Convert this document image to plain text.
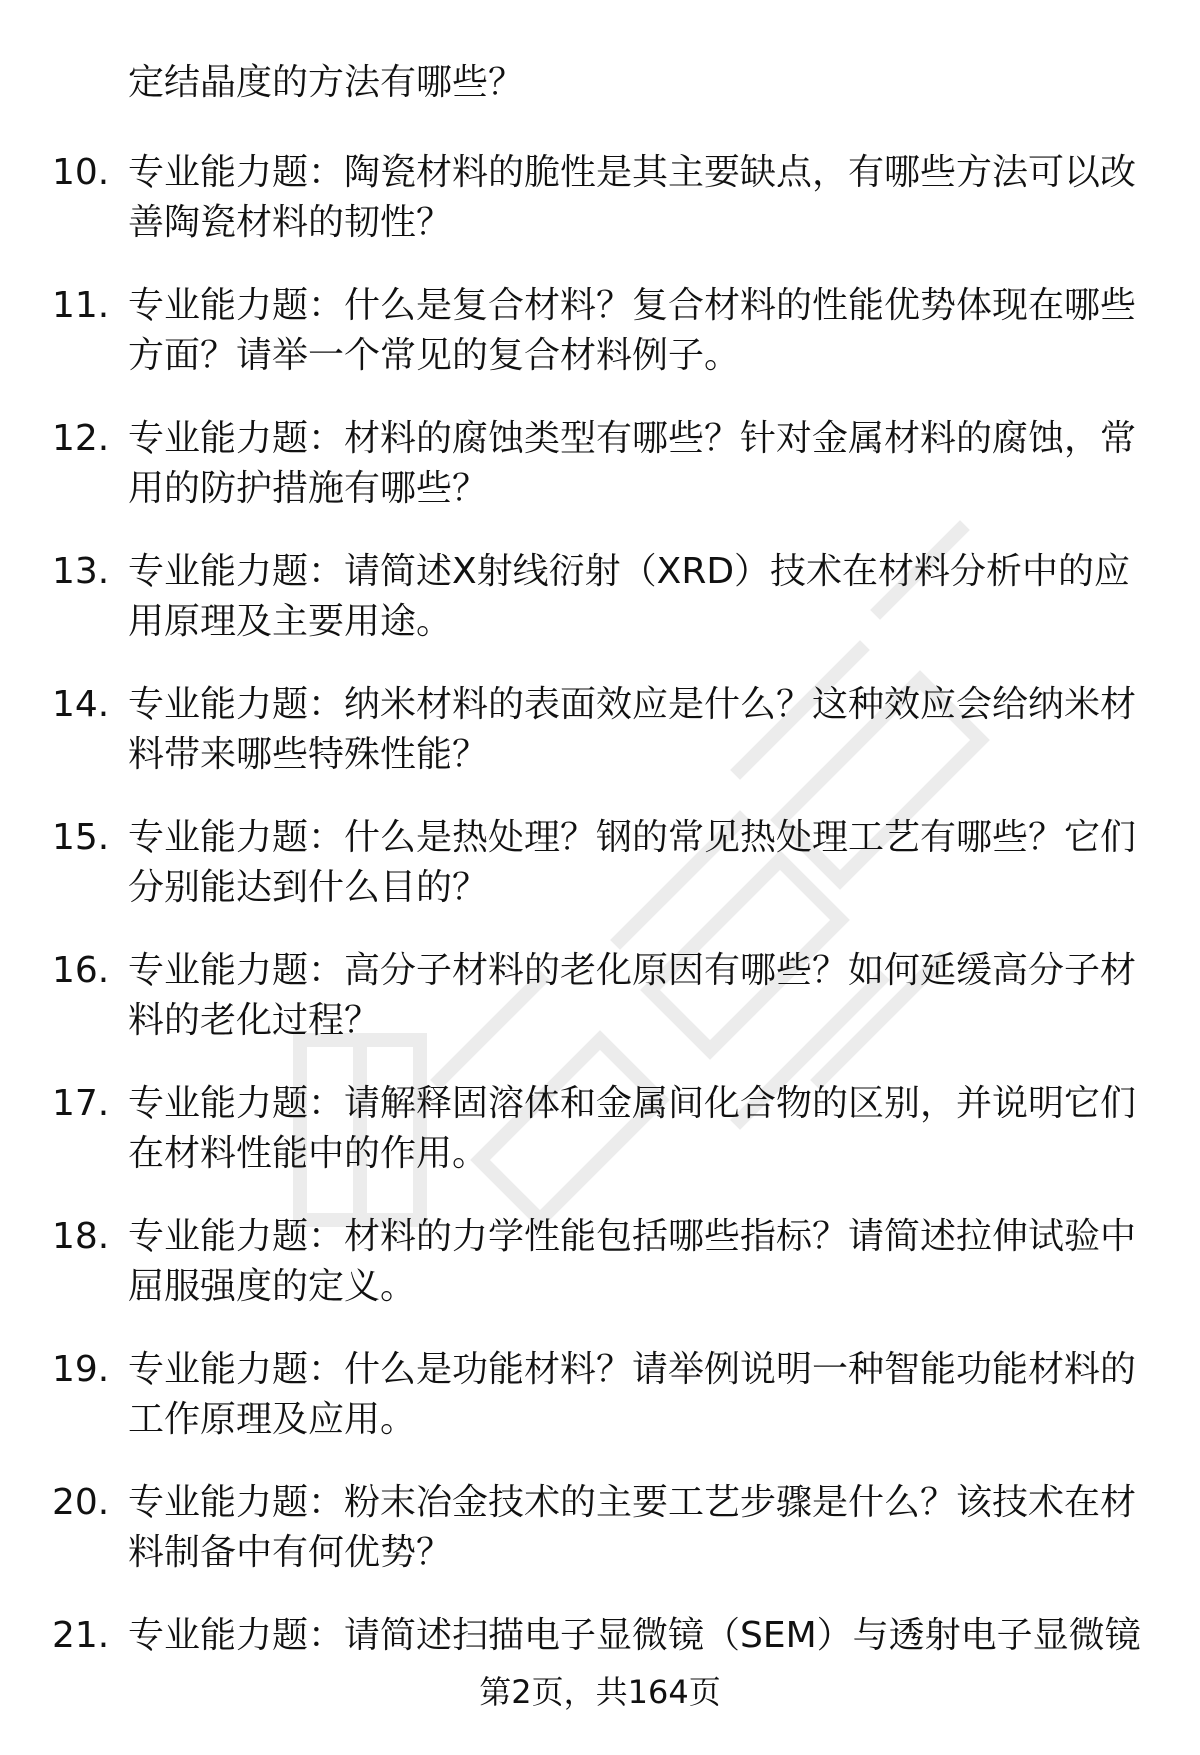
定结晶度的方法有哪些？
10. 专业能力题：陶瓷材料的脆性是其主要缺点，有哪些方法可以改
善陶瓷材料的韧性？
11. 专业能力题：什么是复合材料？复合材料的性能优势体现在哪些
方面？请举一个常见的复合材料例子。
12. 专业能力题：材料的腐蚀类型有哪些？针对金属材料的腐蚀，常
用的防护措施有哪些？
13. 专业能力题：请简述X射线衍射（XRD）技术在材料分析中的应
用原理及主要用途。
14. 专业能力题：纳米材料的表面效应是什么？这种效应会给纳米材
料带来哪些特殊性能？
15. 专业能力题：什么是热处理？钢的常见热处理工艺有哪些？它们
分别能达到什么目的？
16. 专业能力题：高分子材料的老化原因有哪些？如何延缓高分子材
料的老化过程？
17. 专业能力题：请解释固溶体和金属间化合物的区别，并说明它们
在材料性能中的作用。
18. 专业能力题：材料的力学性能包括哪些指标？请简述拉伸试验中
屈服强度的定义。
19. 专业能力题：什么是功能材料？请举例说明一种智能功能材料的
工作原理及应用。
20. 专业能力题：粉末冶金技术的主要工艺步骤是什么？该技术在材
料制备中有何优势？
21. 专业能力题：请简述扫描电子显微镜（SEM）与透射电子显微镜
第2页，共164页
